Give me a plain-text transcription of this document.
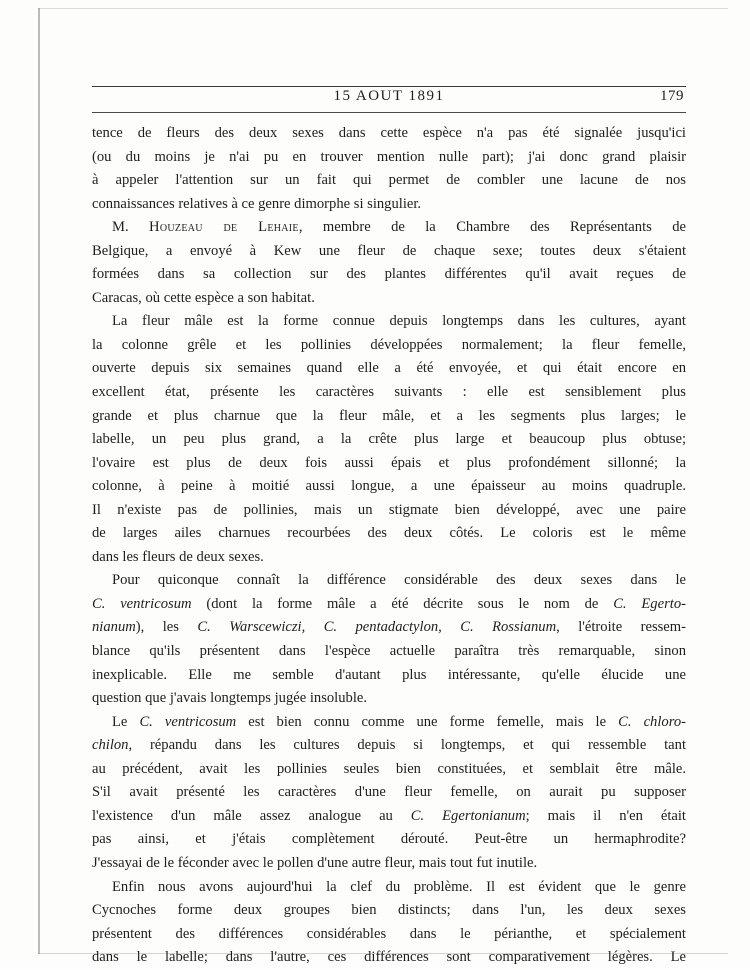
15 AOUT 1891	179
tence de fleurs des deux sexes dans cette espèce n'a pas été signalée jusqu'ici
(ou du moins je n'ai pu en trouver mention nulle part); j'ai donc grand plaisir
à appeler l'attention sur un fait qui permet de combler une lacune de nos
connaissances relatives à ce genre dimorphe si singulier.
M. Houzeau de Lehaie, membre de la Chambre des Représentants de
Belgique, a envoyé à Kew une fleur de chaque sexe; toutes deux s'étaient
formées dans sa collection sur des plantes différentes qu'il avait reçues de
Caracas, où cette espèce a son habitat.
La fleur mâle est la forme connue depuis longtemps dans les cultures, ayant
la colonne grêle et les pollinies développées normalement; la fleur femelle,
ouverte depuis six semaines quand elle a été envoyée, et qui était encore en
excellent état, présente les caractères suivants : elle est sensiblement plus
grande et plus charnue que la fleur mâle, et a les segments plus larges; le
labelle, un peu plus grand, a la crête plus large et beaucoup plus obtuse;
l'ovaire est plus de deux fois aussi épais et plus profondément sillonné; la
colonne, à peine à moitié aussi longue, a une épaisseur au moins quadruple.
Il n'existe pas de pollinies, mais un stigmate bien développé, avec une paire
de larges ailes charnues recourbées des deux côtés. Le coloris est le même
dans les fleurs de deux sexes.
Pour quiconque connaît la différence considérable des deux sexes dans le
C. ventricosum (dont la forme mâle a été décrite sous le nom de C. Egerto-
nianum), les C. Warscewiczi, C. pentadactylon, C. Rossianum, l'étroite ressem-
blance qu'ils présentent dans l'espèce actuelle paraîtra très remarquable, sinon
inexplicable. Elle me semble d'autant plus intéressante, qu'elle élucide une
question que j'avais longtemps jugée insoluble.
Le C. ventricosum est bien connu comme une forme femelle, mais le C. chloro-
chilon, répandu dans les cultures depuis si longtemps, et qui ressemble tant
au précédent, avait les pollinies seules bien constituées, et semblait être mâle.
S'il avait présenté les caractères d'une fleur femelle, on aurait pu supposer
l'existence d'un mâle assez analogue au C. Egertonianum; mais il n'en était
pas ainsi, et j'étais complètement dérouté. Peut-être un hermaphrodite?
J'essayai de le féconder avec le pollen d'une autre fleur, mais tout fut inutile.
Enfin nous avons aujourd'hui la clef du problème. Il est évident que le genre
Cycnoches forme deux groupes bien distincts; dans l'un, les deux sexes
présentent des différences considérables dans le périanthe, et spécialement
dans le labelle; dans l'autre, ces différences sont comparativement légères. Le
